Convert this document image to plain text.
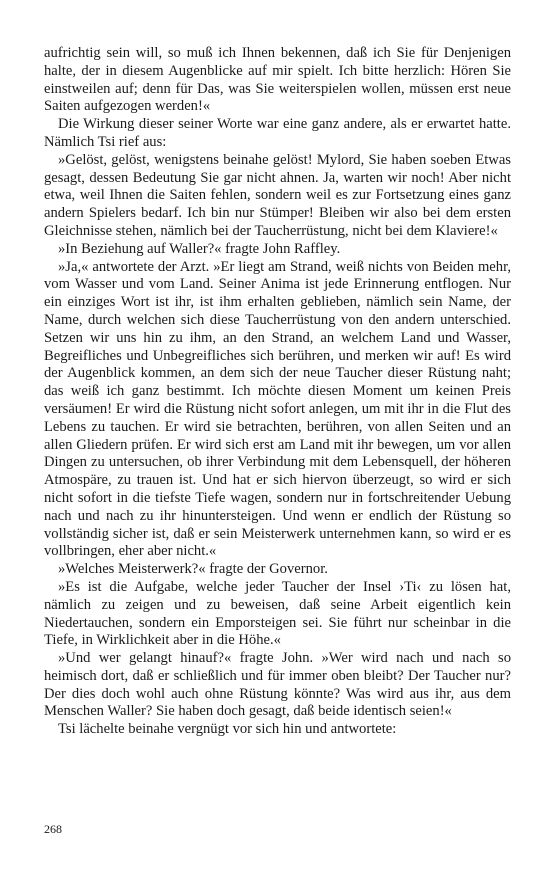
aufrichtig sein will, so muß ich Ihnen bekennen, daß ich Sie für Denjenigen halte, der in diesem Augenblicke auf mir spielt. Ich bitte herzlich: Hören Sie einstweilen auf; denn für Das, was Sie weiterspielen wollen, müssen erst neue Saiten aufgezogen werden!«

Die Wirkung dieser seiner Worte war eine ganz andere, als er erwartet hatte. Nämlich Tsi rief aus:

»Gelöst, gelöst, wenigstens beinahe gelöst! Mylord, Sie haben soeben Etwas gesagt, dessen Bedeutung Sie gar nicht ahnen. Ja, warten wir noch! Aber nicht etwa, weil Ihnen die Saiten fehlen, sondern weil es zur Fortsetzung eines ganz andern Spielers bedarf. Ich bin nur Stümper! Bleiben wir also bei dem ersten Gleichnisse stehen, nämlich bei der Taucherrüstung, nicht bei dem Klaviere!«

»In Beziehung auf Waller?« fragte John Raffley.

»Ja,« antwortete der Arzt. »Er liegt am Strand, weiß nichts von Beiden mehr, vom Wasser und vom Land. Seiner Anima ist jede Erinnerung entflogen. Nur ein einziges Wort ist ihr, ist ihm erhalten geblieben, nämlich sein Name, der Name, durch welchen sich diese Taucherrüstung von den andern unterschied. Setzen wir uns hin zu ihm, an den Strand, an welchem Land und Wasser, Begreifliches und Unbegreifliches sich berühren, und merken wir auf! Es wird der Augenblick kommen, an dem sich der neue Taucher dieser Rüstung naht; das weiß ich ganz bestimmt. Ich möchte diesen Moment um keinen Preis versäumen! Er wird die Rüstung nicht sofort anlegen, um mit ihr in die Flut des Lebens zu tauchen. Er wird sie betrachten, berühren, von allen Seiten und an allen Gliedern prüfen. Er wird sich erst am Land mit ihr bewegen, um vor allen Dingen zu untersuchen, ob ihrer Verbindung mit dem Lebensquell, der höheren Atmospäre, zu trauen ist. Und hat er sich hiervon überzeugt, so wird er sich nicht sofort in die tiefste Tiefe wagen, sondern nur in fortschreitender Uebung nach und nach zu ihr hinuntersteigen. Und wenn er endlich der Rüstung so vollständig sicher ist, daß er sein Meisterwerk unternehmen kann, so wird er es vollbringen, eher aber nicht.«

»Welches Meisterwerk?« fragte der Governor.

»Es ist die Aufgabe, welche jeder Taucher der Insel ›Ti‹ zu lösen hat, nämlich zu zeigen und zu beweisen, daß seine Arbeit eigentlich kein Niedertauchen, sondern ein Emporsteigen sei. Sie führt nur scheinbar in die Tiefe, in Wirklichkeit aber in die Höhe.«

»Und wer gelangt hinauf?« fragte John. »Wer wird nach und nach so heimisch dort, daß er schließlich und für immer oben bleibt? Der Taucher nur? Der dies doch wohl auch ohne Rüstung könnte? Was wird aus ihr, aus dem Menschen Waller? Sie haben doch gesagt, daß beide identisch seien!«

Tsi lächelte beinahe vergnügt vor sich hin und antwortete:

268
